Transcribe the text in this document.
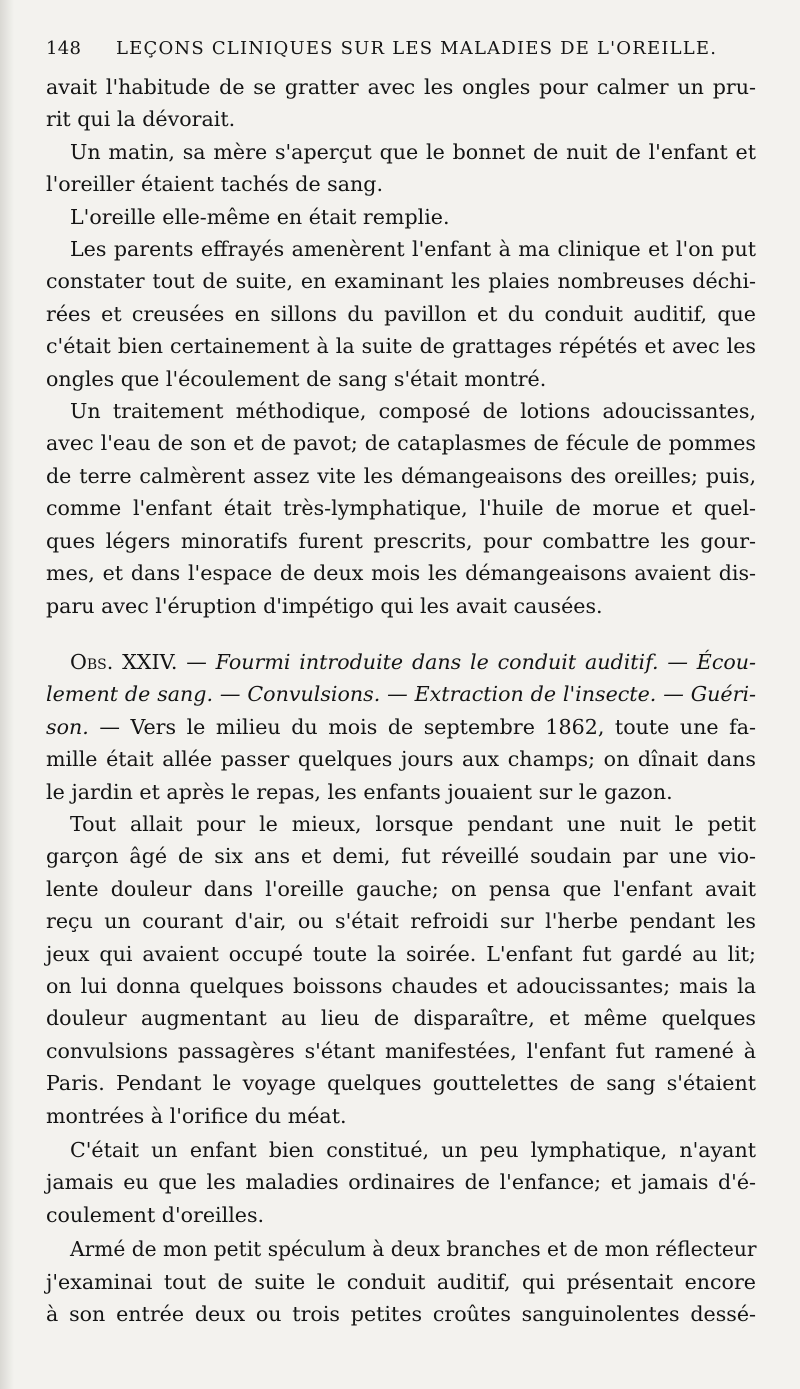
148	LEÇONS CLINIQUES SUR LES MALADIES DE L'OREILLE.
avait l'habitude de se gratter avec les ongles pour calmer un pru-
rit qui la dévorait.
Un matin, sa mère s'aperçut que le bonnet de nuit de l'enfant et
l'oreiller étaient tachés de sang.
L'oreille elle-même en était remplie.
Les parents effrayés amenèrent l'enfant à ma clinique et l'on put
constater tout de suite, en examinant les plaies nombreuses déchi-
rées et creusées en sillons du pavillon et du conduit auditif, que
c'était bien certainement à la suite de grattages répétés et avec les
ongles que l'écoulement de sang s'était montré.
Un traitement méthodique, composé de lotions adoucissantes,
avec l'eau de son et de pavot; de cataplasmes de fécule de pommes
de terre calmèrent assez vite les démangeaisons des oreilles; puis,
comme l'enfant était très-lymphatique, l'huile de morue et quel-
ques légers minoratifs furent prescrits, pour combattre les gour-
mes, et dans l'espace de deux mois les démangeaisons avaient dis-
paru avec l'éruption d'impétigo qui les avait causées.
Obs. XXIV. — Fourmi introduite dans le conduit auditif. — Écou-
lement de sang. — Convulsions. — Extraction de l'insecte. — Guéri-
son. — Vers le milieu du mois de septembre 1862, toute une fa-
mille était allée passer quelques jours aux champs; on dînait dans
le jardin et après le repas, les enfants jouaient sur le gazon.
Tout allait pour le mieux, lorsque pendant une nuit le petit
garçon âgé de six ans et demi, fut réveillé soudain par une vio-
lente douleur dans l'oreille gauche; on pensa que l'enfant avait
reçu un courant d'air, ou s'était refroidi sur l'herbe pendant les
jeux qui avaient occupé toute la soirée. L'enfant fut gardé au lit;
on lui donna quelques boissons chaudes et adoucissantes; mais la
douleur augmentant au lieu de disparaître, et même quelques
convulsions passagères s'étant manifestées, l'enfant fut ramené à
Paris. Pendant le voyage quelques gouttelettes de sang s'étaient
montrées à l'orifice du méat.
C'était un enfant bien constitué, un peu lymphatique, n'ayant
jamais eu que les maladies ordinaires de l'enfance; et jamais d'é-
coulement d'oreilles.
Armé de mon petit spéculum à deux branches et de mon réflecteur
j'examinai tout de suite le conduit auditif, qui présentait encore
à son entrée deux ou trois petites croûtes sanguinolentes dessé-
